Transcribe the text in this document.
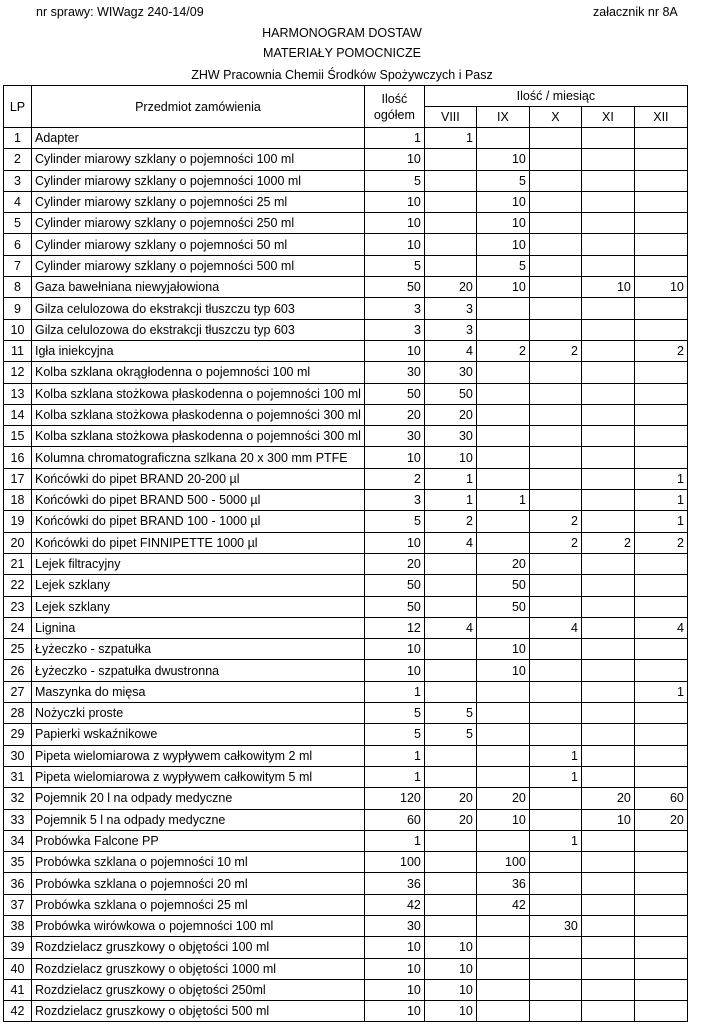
nr sprawy: WIWagz 240-14/09	załacznik nr 8A
HARMONOGRAM DOSTAW
MATERIAŁY POMOCNICZE
ZHW Pracownia Chemii Środków Spożywczych i Pasz
LP	Przedmiot zamówienia	Ilość
ogółem	Ilość / miesiąc				
			VIII	IX	X	XI	XII
1	Adapter	1	1				
2	Cylinder miarowy szklany o pojemności 100 ml	10		10			
3	Cylinder miarowy szklany o pojemności 1000 ml	5		5			
4	Cylinder miarowy szklany o pojemności 25 ml	10		10			
5	Cylinder miarowy szklany o pojemności 250 ml	10		10			
6	Cylinder miarowy szklany o pojemności 50 ml	10		10			
7	Cylinder miarowy szklany o pojemności 500 ml	5		5			
8	Gaza bawełniana niewyjałowiona	50	20	10		10	10
9	Gilza celulozowa do ekstrakcji tłuszczu typ 603	3	3				
10	Gilza celulozowa do ekstrakcji tłuszczu typ 603	3	3				
11	Igła iniekcyjna	10	4	2	2		2
12	Kolba szklana okrągłodenna o pojemności 100 ml	30	30				
13	Kolba szklana stożkowa płaskodenna o pojemności 100 ml	50	50				
14	Kolba szklana stożkowa płaskodenna o pojemności 300 ml	20	20				
15	Kolba szklana stożkowa płaskodenna o pojemności 300 ml	30	30				
16	Kolumna chromatograficzna szlkana 20 x 300 mm PTFE	10	10				
17	Końcówki do pipet BRAND 20-200 µl	2	1				1
18	Końcówki do pipet BRAND 500 - 5000 µl	3	1	1			1
19	Końcówki do pipet BRAND 100 - 1000 µl	5	2		2		1
20	Końcówki do pipet FINNIPETTE 1000 µl	10	4		2	2	2
21	Lejek filtracyjny	20		20			
22	Lejek szklany	50		50			
23	Lejek szklany	50		50			
24	Lignina	12	4		4		4
25	Łyżeczko - szpatułka	10		10			
26	Łyżeczko - szpatułka dwustronna	10		10			
27	Maszynka do mięsa	1					1
28	Nożyczki proste	5	5				
29	Papierki wskaźnikowe	5	5				
30	Pipeta wielomiarowa z wypływem całkowitym 2 ml	1			1		
31	Pipeta wielomiarowa z wypływem całkowitym 5 ml	1			1		
32	Pojemnik 20 l na odpady medyczne	120	20	20		20	60
33	Pojemnik 5 l na odpady medyczne	60	20	10		10	20
34	Probówka Falcone PP	1			1		
35	Probówka szklana o pojemności 10 ml	100		100			
36	Probówka szklana o pojemności 20 ml	36		36			
37	Probówka szklana o pojemności 25 ml	42		42			
38	Probówka wirówkowa o pojemności 100 ml	30			30		
39	Rozdzielacz gruszkowy o objętości 100 ml	10	10				
40	Rozdzielacz gruszkowy o objętości 1000 ml	10	10				
41	Rozdzielacz gruszkowy o objętości 250ml	10	10				
42	Rozdzielacz gruszkowy o objętości 500 ml	10	10				
